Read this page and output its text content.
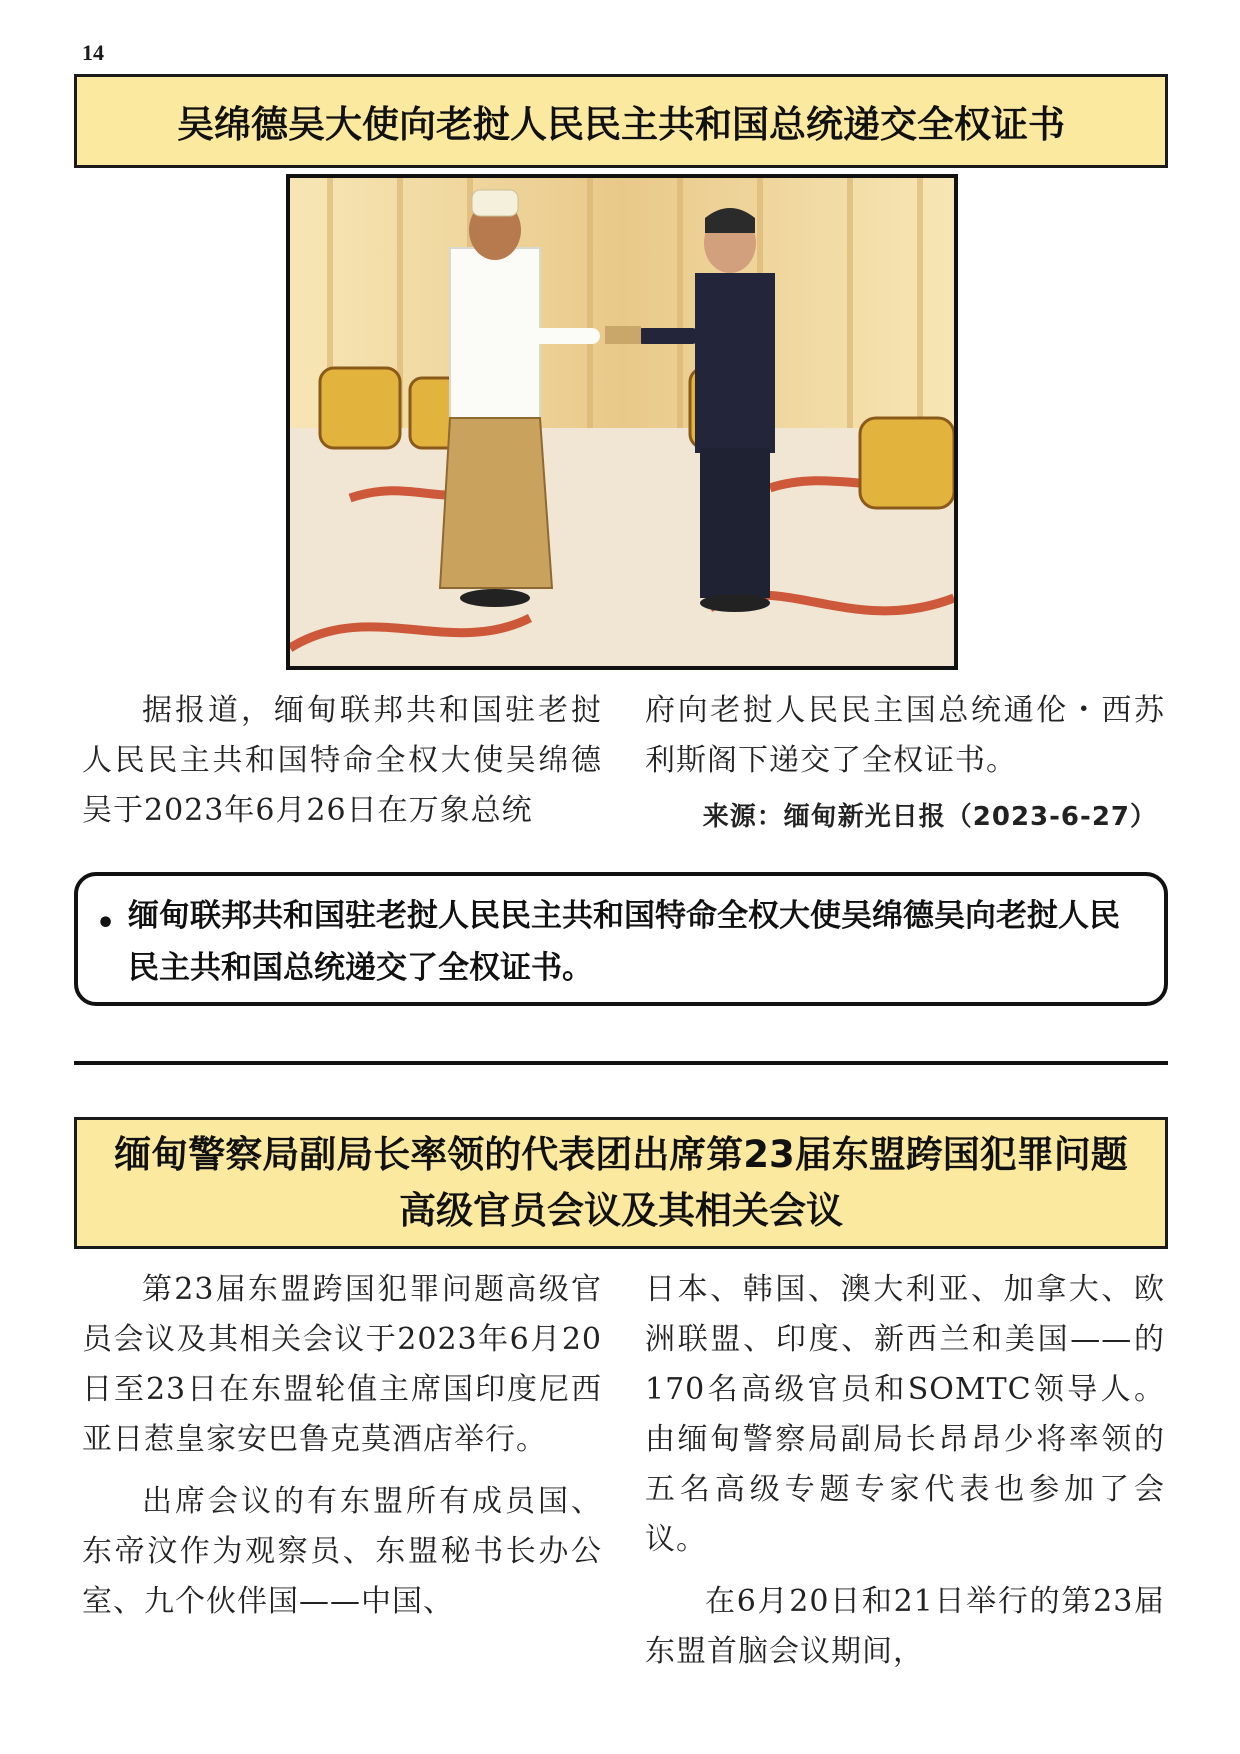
14
吴绵德吴大使向老挝人民民主共和国总统递交全权证书

据报道，缅甸联邦共和国驻老挝人民民主共和国特命全权大使吴绵德吴于2023年6月26日在万象总统

府向老挝人民民主国总统通伦・西苏利斯阁下递交了全权证书。

来源：缅甸新光日报（2023-6-27）
• 缅甸联邦共和国驻老挝人民民主共和国特命全权大使吴绵德吴向老挝人民民主共和国总统递交了全权证书。
缅甸警察局副局长率领的代表团出席第23届东盟跨国犯罪问题高级官员会议及其相关会议

第23届东盟跨国犯罪问题高级官员会议及其相关会议于2023年6月20日至23日在东盟轮值主席国印度尼西亚日惹皇家安巴鲁克莫酒店举行。

出席会议的有东盟所有成员国、东帝汶作为观察员、东盟秘书长办公室、九个伙伴国——中国、

日本、韩国、澳大利亚、加拿大、欧洲联盟、印度、新西兰和美国——的170名高级官员和SOMTC领导人。由缅甸警察局副局长昂昂少将率领的五名高级专题专家代表也参加了会议。

在6月20日和21日举行的第23届东盟首脑会议期间，
